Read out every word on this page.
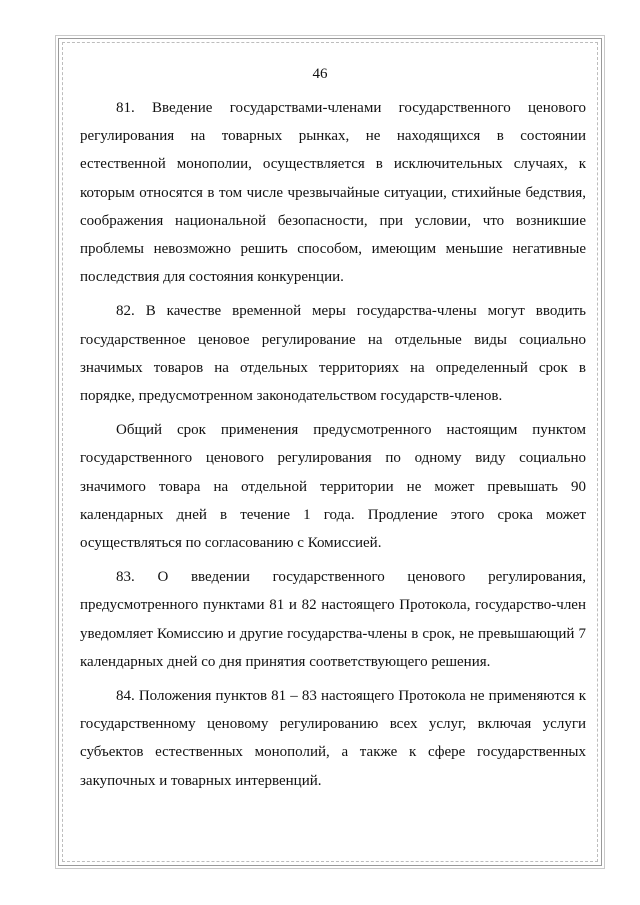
46

81. Введение государствами-членами государственного ценового регулирования на товарных рынках, не находящихся в состоянии естественной монополии, осуществляется в исключительных случаях, к которым относятся в том числе чрезвычайные ситуации, стихийные бедствия, соображения национальной безопасности, при условии, что возникшие проблемы невозможно решить способом, имеющим меньшие негативные последствия для состояния конкуренции.

82. В качестве временной меры государства-члены могут вводить государственное ценовое регулирование на отдельные виды социально значимых товаров на отдельных территориях на определенный срок в порядке, предусмотренном законодательством государств-членов.

Общий срок применения предусмотренного настоящим пунктом государственного ценового регулирования по одному виду социально значимого товара на отдельной территории не может превышать 90 календарных дней в течение 1 года. Продление этого срока может осуществляться по согласованию с Комиссией.

83. О введении государственного ценового регулирования, предусмотренного пунктами 81 и 82 настоящего Протокола, государство-член уведомляет Комиссию и другие государства-члены в срок, не превышающий 7 календарных дней со дня принятия соответствующего решения.

84. Положения пунктов 81 – 83 настоящего Протокола не применяются к государственному ценовому регулированию всех услуг, включая услуги субъектов естественных монополий, а также к сфере государственных закупочных и товарных интервенций.
